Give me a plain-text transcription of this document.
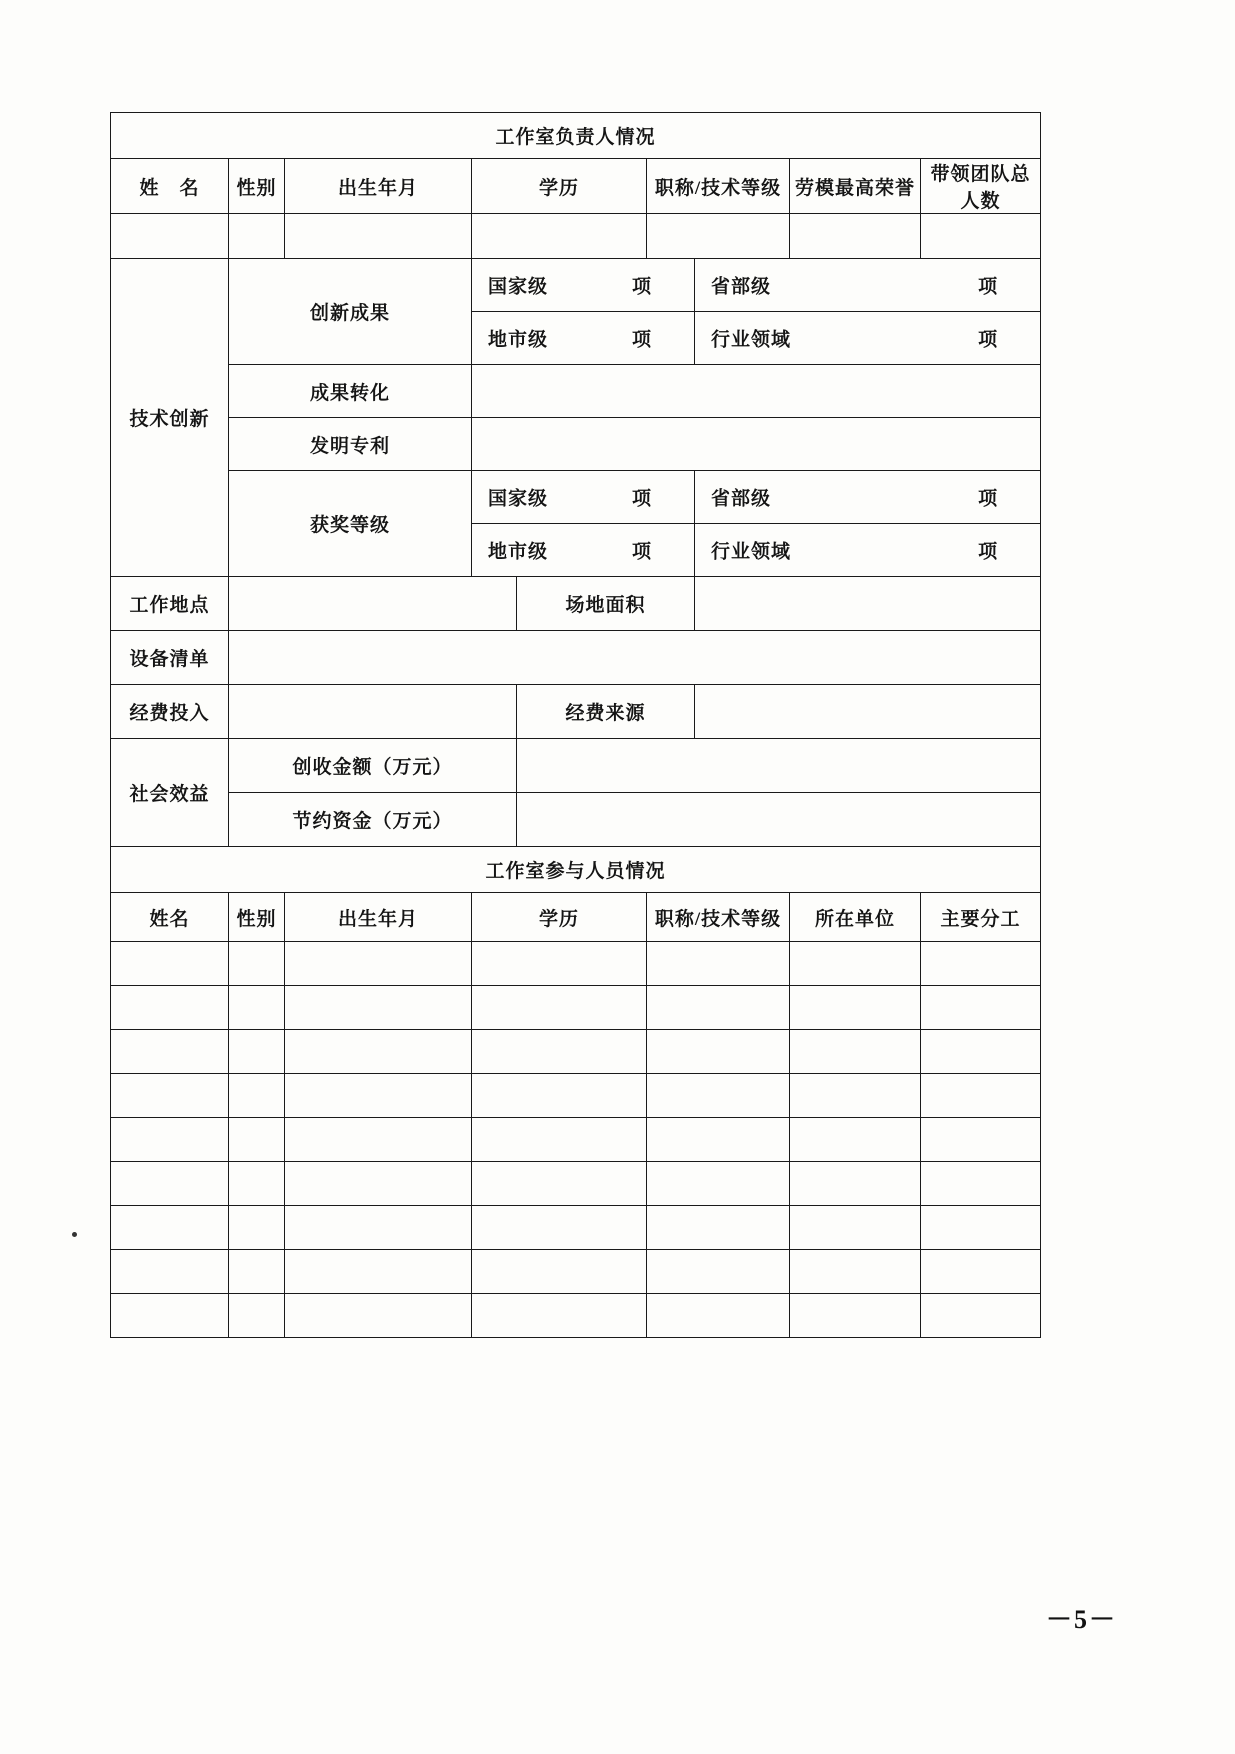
工作室负责人情况								
姓　名	性别	出生年月	学历		职称/技术等级		劳模最高荣誉	带领团队总人数

技术创新	创新成果		国家级 项			省部级 项		

			地市级 项			行业领域 项		

	成果转化							
	发明专利							
	获奖等级		国家级 项			省部级 项		

			地市级 项			行业领域 项		

工作地点				场地面积				
设备清单								
经费投入				经费来源				
社会效益	创收金额（万元）							
	节约资金（万元）							
工作室参与人员情况								
姓名	性别	出生年月	学历		职称/技术等级		所在单位	主要分工

－5－
